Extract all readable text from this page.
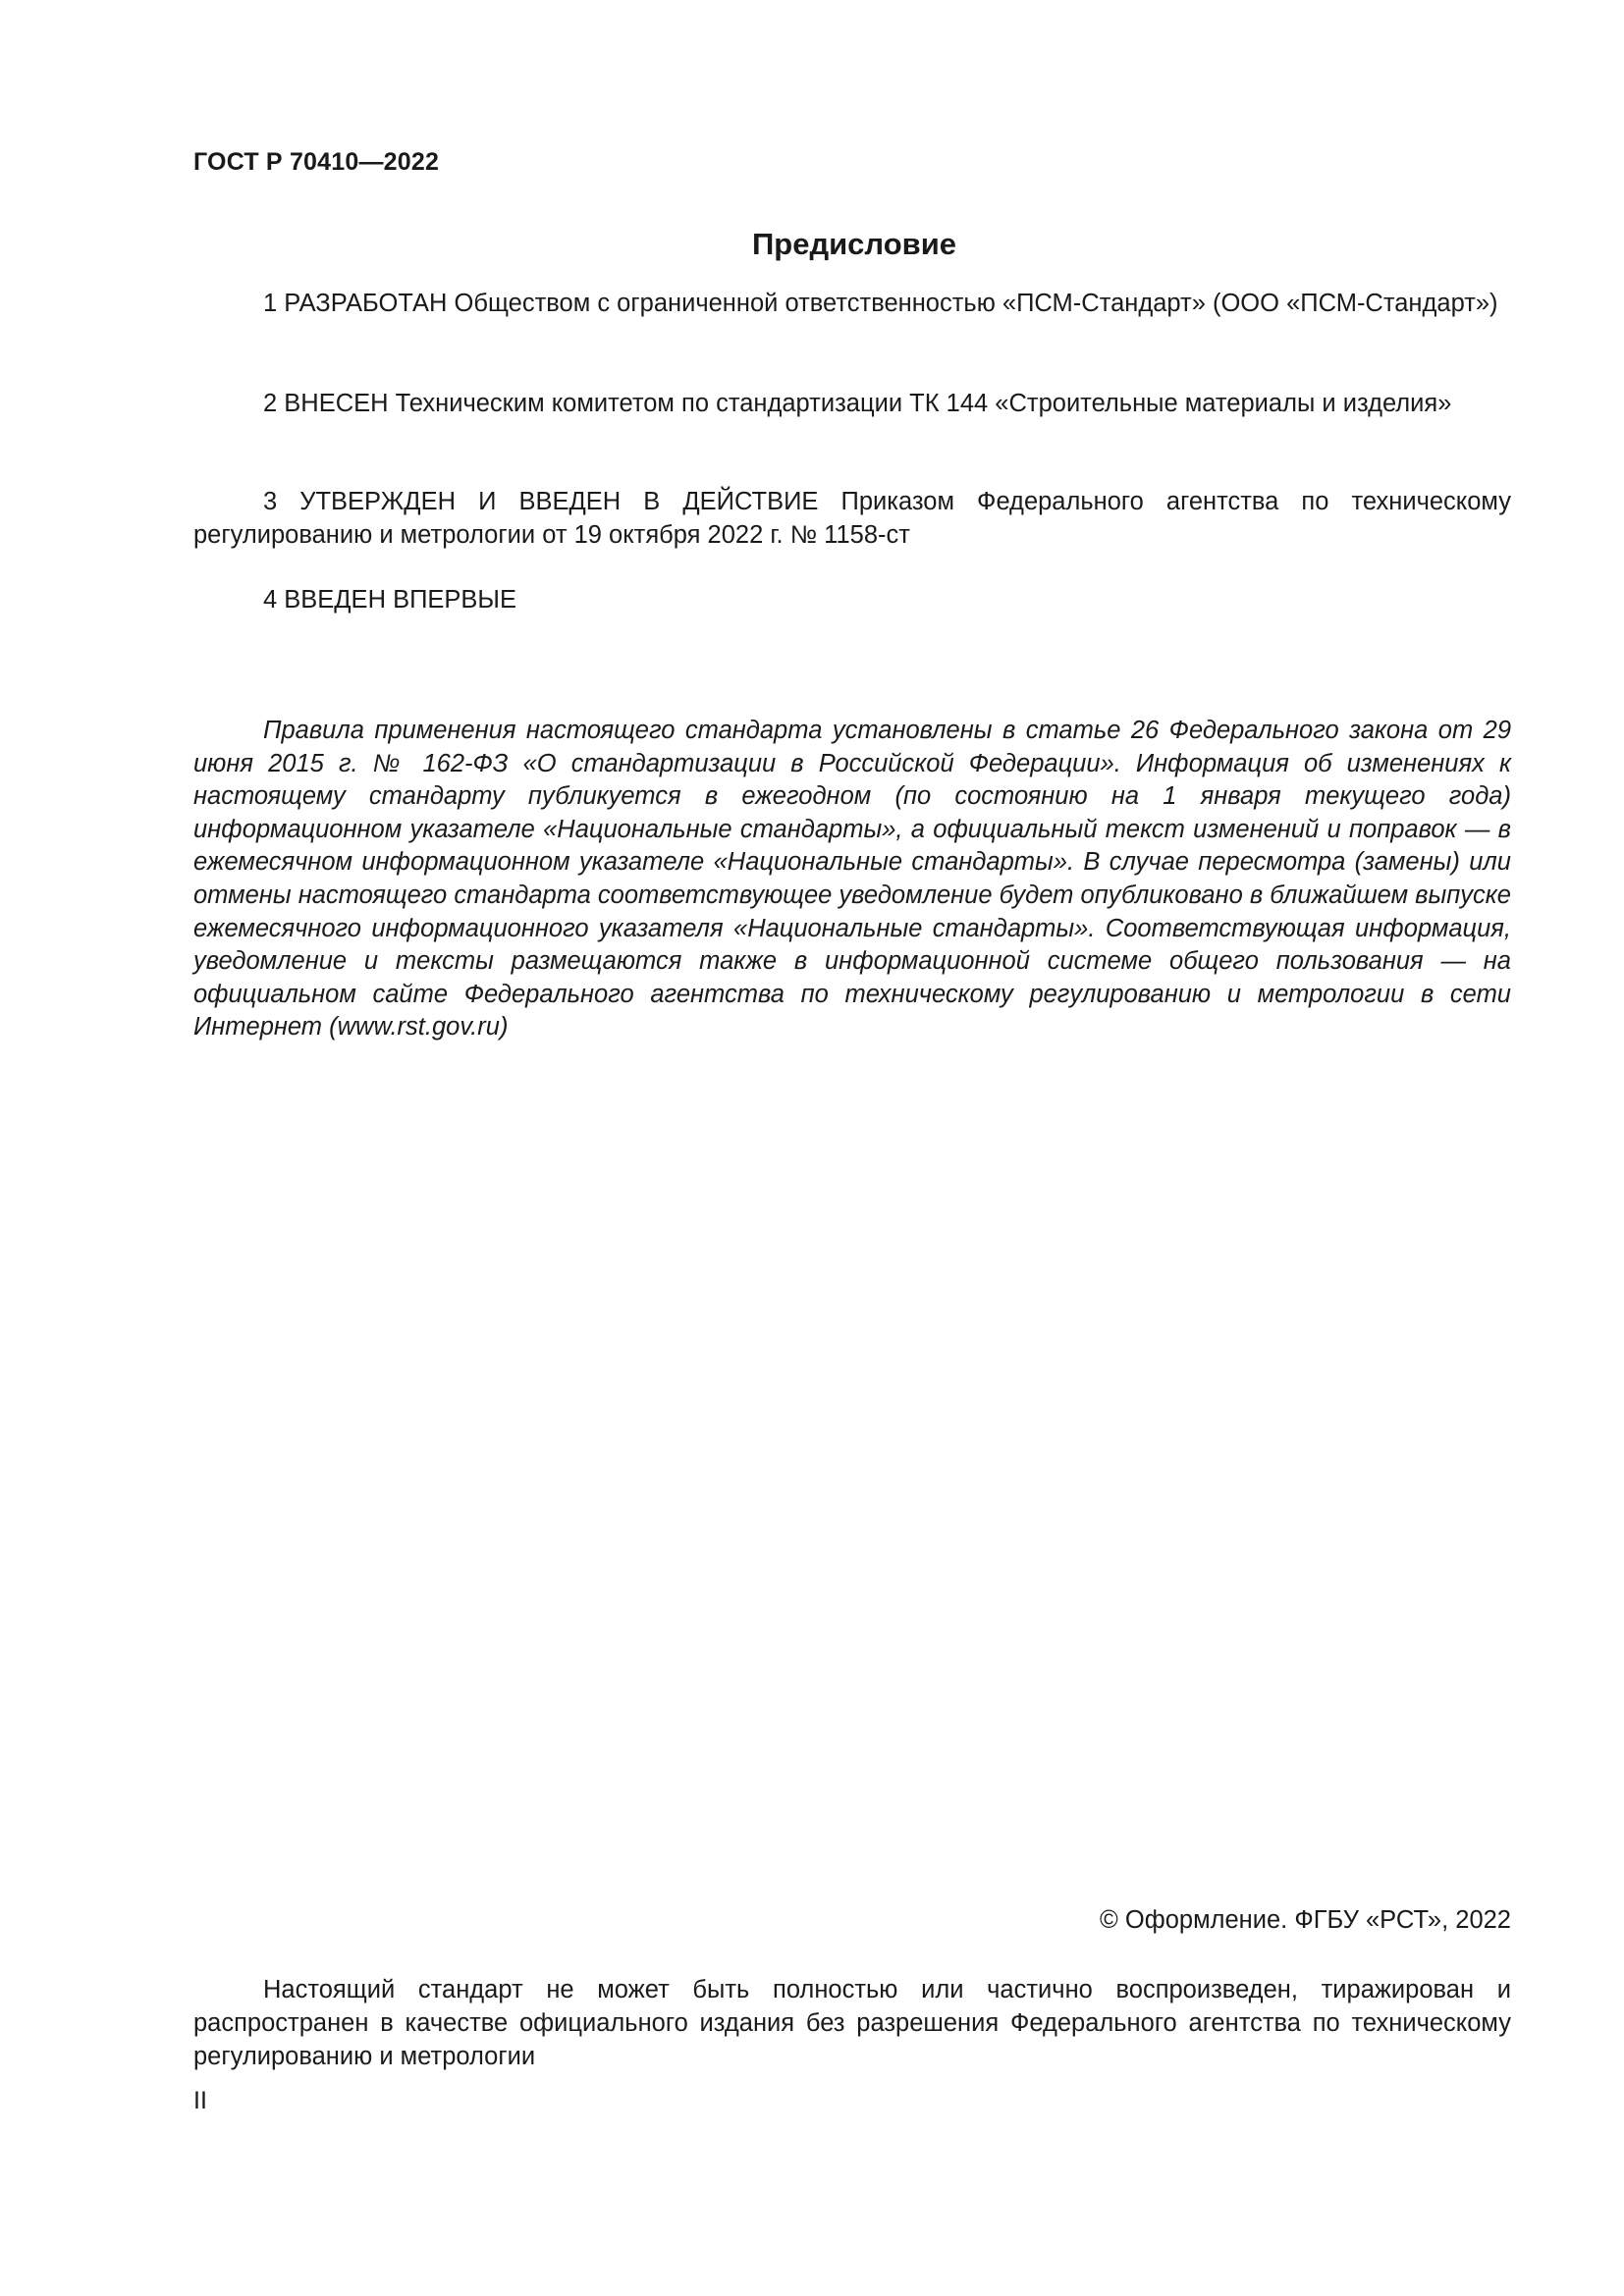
ГОСТ Р 70410—2022
Предисловие

1 РАЗРАБОТАН Обществом с ограниченной ответственностью «ПСМ-Стандарт» (ООО «ПСМ-Стандарт»)

2 ВНЕСЕН Техническим комитетом по стандартизации ТК 144 «Строительные материалы и изделия»

3 УТВЕРЖДЕН И ВВЕДЕН В ДЕЙСТВИЕ Приказом Федерального агентства по техническому регулированию и метрологии от 19 октября 2022 г. № 1158-ст

4 ВВЕДЕН ВПЕРВЫЕ

Правила применения настоящего стандарта установлены в статье 26 Федерального закона от 29 июня 2015 г. № 162-ФЗ «О стандартизации в Российской Федерации». Информация об изменениях к настоящему стандарту публикуется в ежегодном (по состоянию на 1 января текущего года) информационном указателе «Национальные стандарты», а официальный текст изменений и поправок — в ежемесячном информационном указателе «Национальные стандарты». В случае пересмотра (замены) или отмены настоящего стандарта соответствующее уведомление будет опубликовано в ближайшем выпуске ежемесячного информационного указателя «Национальные стандарты». Соответствующая информация, уведомление и тексты размещаются также в информационной системе общего пользования — на официальном сайте Федерального агентства по техническому регулированию и метрологии в сети Интернет (www.rst.gov.ru)

© Оформление. ФГБУ «РСТ», 2022

Настоящий стандарт не может быть полностью или частично воспроизведен, тиражирован и распространен в качестве официального издания без разрешения Федерального агентства по техническому регулированию и метрологии

II
